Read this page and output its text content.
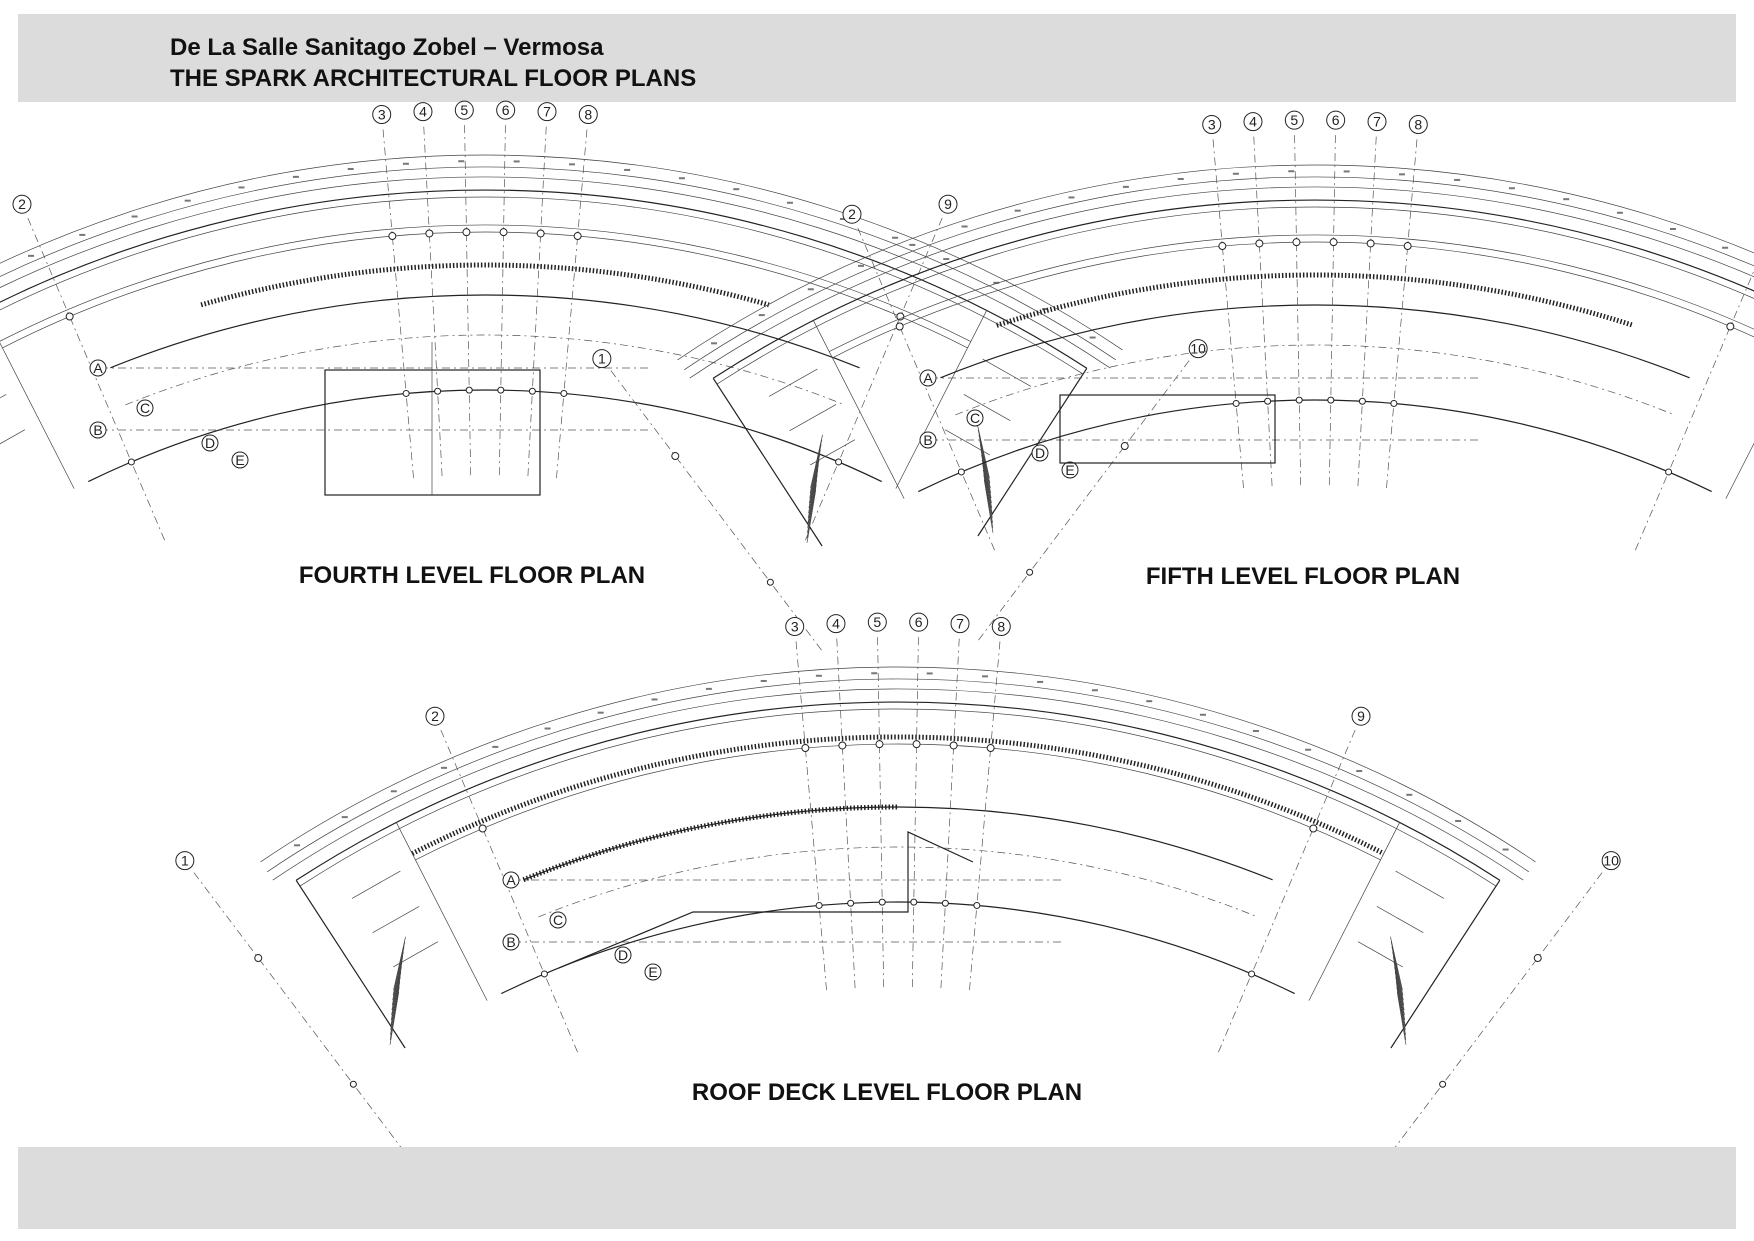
De La Salle Sanitago Zobel – Vermosa
THE SPARK ARCHITECTURAL FLOOR PLANS
2
3 4 5 6 7 8
9
10
A
B
C
D
E
FOURTH LEVEL FLOOR PLAN
1
2
3 4 5 6 7 8
A
B
C
D
E
FIFTH LEVEL FLOOR PLAN
1
2
3 4 5 6 7 8
9
10
A
B
C
D
E
ROOF DECK LEVEL FLOOR PLAN
